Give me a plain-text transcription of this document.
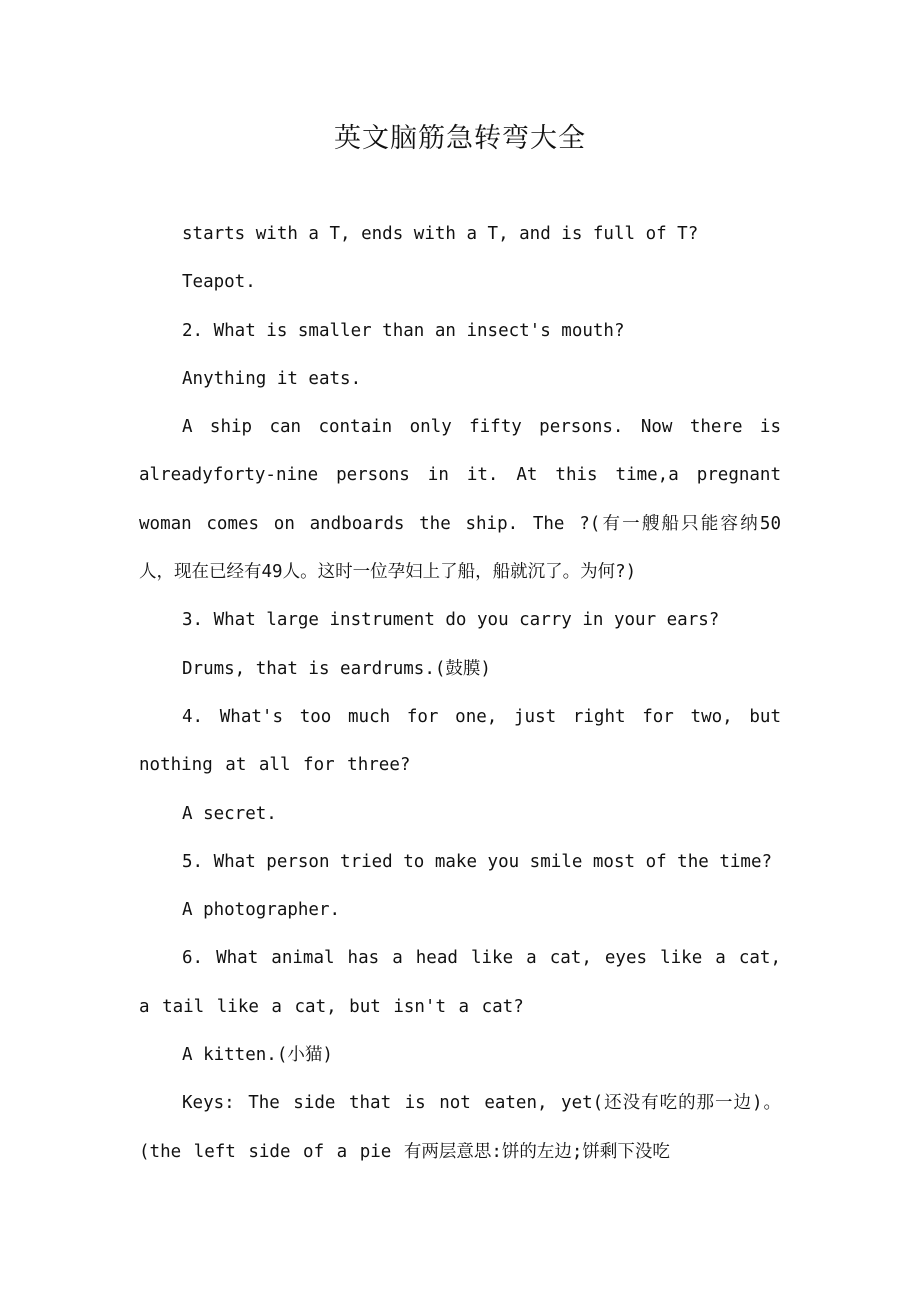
英文脑筋急转弯大全

starts with a T, ends with a T, and is full of T?

Teapot.

2. What is smaller than an insect's mouth?

Anything it eats.

A ship can contain only fifty persons. Now there is alreadyforty-nine persons in it. At this time,a pregnant woman comes on andboards the ship. The ?(有一艘船只能容纳50人，现在已经有49人。这时一位孕妇上了船，船就沉了。为何?)

3. What large instrument do you carry in your ears?

Drums, that is eardrums.(鼓膜)

4. What's too much for one, just right for two, but nothing at all for three?

A secret.

5. What person tried to make you smile most of the time?

A photographer.

6. What animal has a head like a cat, eyes like a cat, a tail like a cat, but isn't a cat?

A kitten.(小猫)

Keys: The side that is not eaten, yet(还没有吃的那一边)。(the left side of a pie 有两层意思:饼的左边;饼剩下没吃
